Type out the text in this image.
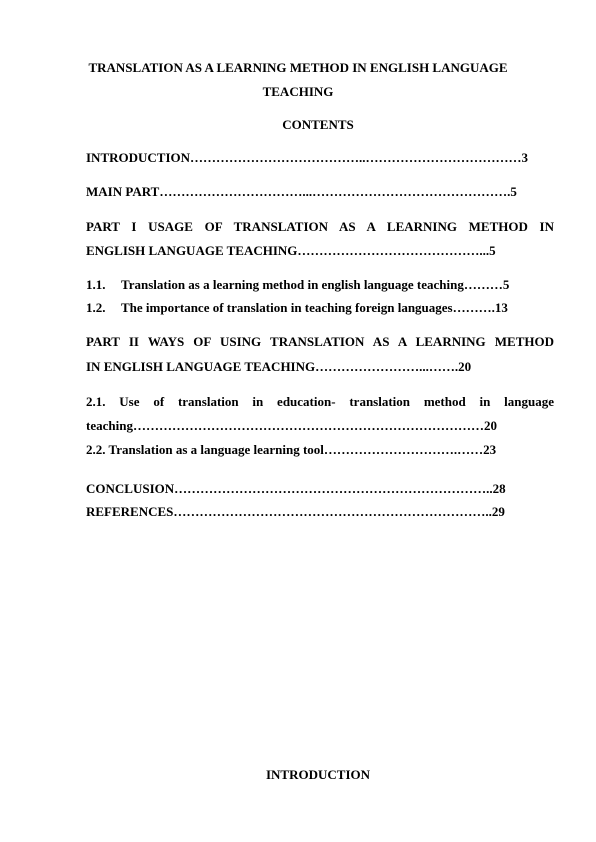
TRANSLATION AS A LEARNING METHOD IN ENGLISH LANGUAGE
TEACHING
CONTENTS
INTRODUCTION…………………………………..………………………………3
MAIN PART……………………………...……………………………………….5
PART I USAGE OF TRANSLATION AS A LEARNING METHOD IN
ENGLISH LANGUAGE TEACHING……………………………………...5
1.1. Translation as a learning method in english language teaching………5
1.2. The importance of translation in teaching foreign languages……….13
PART II WAYS OF USING TRANSLATION AS A LEARNING METHOD
IN ENGLISH LANGUAGE TEACHING……………………...…….20
2.1. Use of translation in education- translation method in language
teaching………………………………………………………………………20
2.2. Translation as a language learning tool………………………….……23
CONCLUSION………………………………………………………………..28
REFERENCES………………………………………………………………..29
INTRODUCTION
